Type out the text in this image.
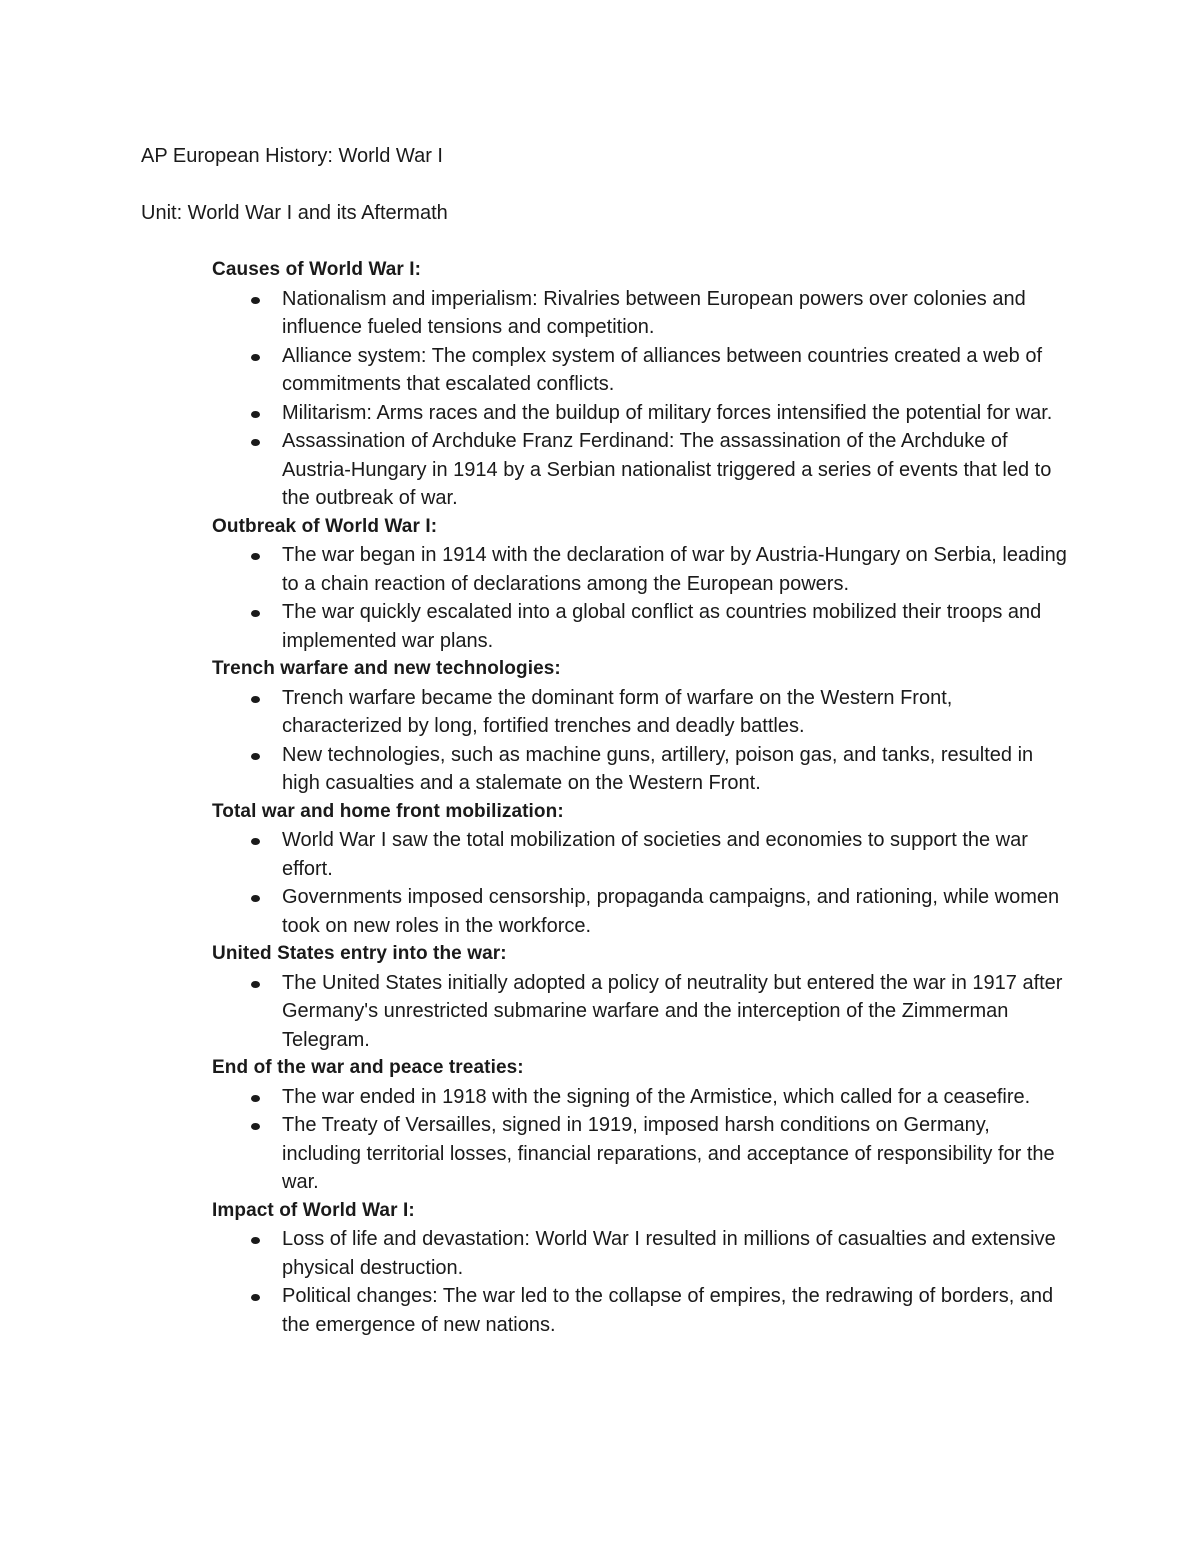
AP European History: World War I
Unit: World War I and its Aftermath
Causes of World War I:
Nationalism and imperialism: Rivalries between European powers over colonies and influence fueled tensions and competition.
Alliance system: The complex system of alliances between countries created a web of commitments that escalated conflicts.
Militarism: Arms races and the buildup of military forces intensified the potential for war.
Assassination of Archduke Franz Ferdinand: The assassination of the Archduke of Austria-Hungary in 1914 by a Serbian nationalist triggered a series of events that led to the outbreak of war.
Outbreak of World War I:
The war began in 1914 with the declaration of war by Austria-Hungary on Serbia, leading to a chain reaction of declarations among the European powers.
The war quickly escalated into a global conflict as countries mobilized their troops and implemented war plans.
Trench warfare and new technologies:
Trench warfare became the dominant form of warfare on the Western Front, characterized by long, fortified trenches and deadly battles.
New technologies, such as machine guns, artillery, poison gas, and tanks, resulted in high casualties and a stalemate on the Western Front.
Total war and home front mobilization:
World War I saw the total mobilization of societies and economies to support the war effort.
Governments imposed censorship, propaganda campaigns, and rationing, while women took on new roles in the workforce.
United States entry into the war:
The United States initially adopted a policy of neutrality but entered the war in 1917 after Germany's unrestricted submarine warfare and the interception of the Zimmerman Telegram.
End of the war and peace treaties:
The war ended in 1918 with the signing of the Armistice, which called for a ceasefire.
The Treaty of Versailles, signed in 1919, imposed harsh conditions on Germany, including territorial losses, financial reparations, and acceptance of responsibility for the war.
Impact of World War I:
Loss of life and devastation: World War I resulted in millions of casualties and extensive physical destruction.
Political changes: The war led to the collapse of empires, the redrawing of borders, and the emergence of new nations.
